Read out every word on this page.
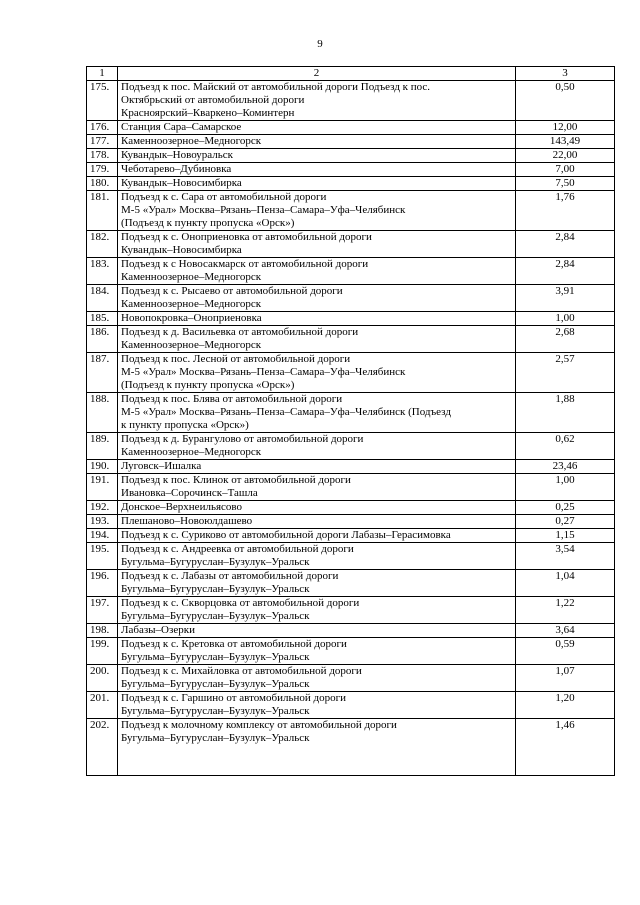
9
1	2	3
175.	Подъезд к пос. Майский от автомобильной дороги Подъезд к пос.
Октябрьский от автомобильной дороги
Красноярский–Кваркено–Коминтерн	0,50
176.	Станция Сара–Самарское	12,00
177.	Каменноозерное–Медногорск	143,49
178.	Кувандык–Новоуральск	22,00
179.	Чеботарево–Дубиновка	7,00
180.	Кувандык–Новосимбирка	7,50
181.	Подъезд к с. Сара от автомобильной дороги
М-5 «Урал» Москва–Рязань–Пенза–Самара–Уфа–Челябинск
(Подъезд к пункту пропуска «Орск»)	1,76
182.	Подъезд к с. Оноприеновка от автомобильной дороги
Кувандык–Новосимбирка	2,84
183.	Подъезд к с Новосакмарск от автомобильной дороги
Каменноозерное–Медногорск	2,84
184.	Подъезд к с. Рысаево от автомобильной дороги
Каменноозерное–Медногорск	3,91
185.	Новопокровка–Оноприеновка	1,00
186.	Подъезд к д. Васильевка от автомобильной дороги
Каменноозерное–Медногорск	2,68
187.	Подъезд к пос. Лесной от автомобильной дороги
М-5 «Урал» Москва–Рязань–Пенза–Самара–Уфа–Челябинск
(Подъезд к пункту пропуска «Орск»)	2,57
188.	Подъезд к пос. Блява от автомобильной дороги
М-5 «Урал» Москва–Рязань–Пенза–Самара–Уфа–Челябинск (Подъезд
к пункту пропуска «Орск»)	1,88
189.	Подъезд к д. Бурангулово от автомобильной дороги
Каменноозерное–Медногорск	0,62
190.	Луговск–Ишалка	23,46
191.	Подъезд к пос. Клинок от автомобильной дороги
Ивановка–Сорочинск–Ташла	1,00
192.	Донское–Верхнеильясово	0,25
193.	Плешаново–Новоюлдашево	0,27
194.	Подъезд к с. Суриково от автомобильной дороги Лабазы–Герасимовка	1,15
195.	Подъезд к с. Андреевка от автомобильной дороги
Бугульма–Бугуруслан–Бузулук–Уральск	3,54
196.	Подъезд к с. Лабазы от автомобильной дороги
Бугульма–Бугуруслан–Бузулук–Уральск	1,04
197.	Подъезд к с. Скворцовка от автомобильной дороги
Бугульма–Бугуруслан–Бузулук–Уральск	1,22
198.	Лабазы–Озерки	3,64
199.	Подъезд к с. Кретовка от автомобильной дороги
Бугульма–Бугуруслан–Бузулук–Уральск	0,59
200.	Подъезд к с. Михайловка от автомобильной дороги
Бугульма–Бугуруслан–Бузулук–Уральск	1,07
201.	Подъезд к с. Гаршино от автомобильной дороги
Бугульма–Бугуруслан–Бузулук–Уральск	1,20
202.	Подъезд к молочному комплексу от автомобильной дороги
Бугульма–Бугуруслан–Бузулук–Уральск	1,46
